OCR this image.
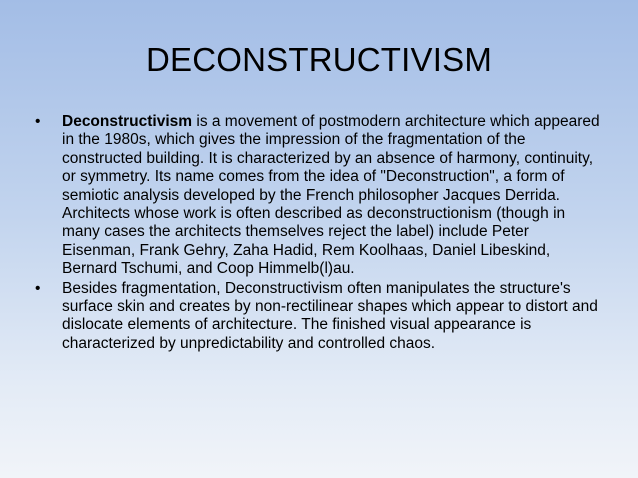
DECONSTRUCTIVISM
• Deconstructivism is a movement of postmodern architecture which appeared in the 1980s, which gives the impression of the fragmentation of the constructed building. It is characterized by an absence of harmony, continuity, or symmetry. Its name comes from the idea of "Deconstruction", a form of semiotic analysis developed by the French philosopher Jacques Derrida. Architects whose work is often described as deconstructionism (though in many cases the architects themselves reject the label) include Peter Eisenman, Frank Gehry, Zaha Hadid, Rem Koolhaas, Daniel Libeskind, Bernard Tschumi, and Coop Himmelb(l)au.
• Besides fragmentation, Deconstructivism often manipulates the structure's surface skin and creates by non-rectilinear shapes which appear to distort and dislocate elements of architecture. The finished visual appearance is characterized by unpredictability and controlled chaos.
